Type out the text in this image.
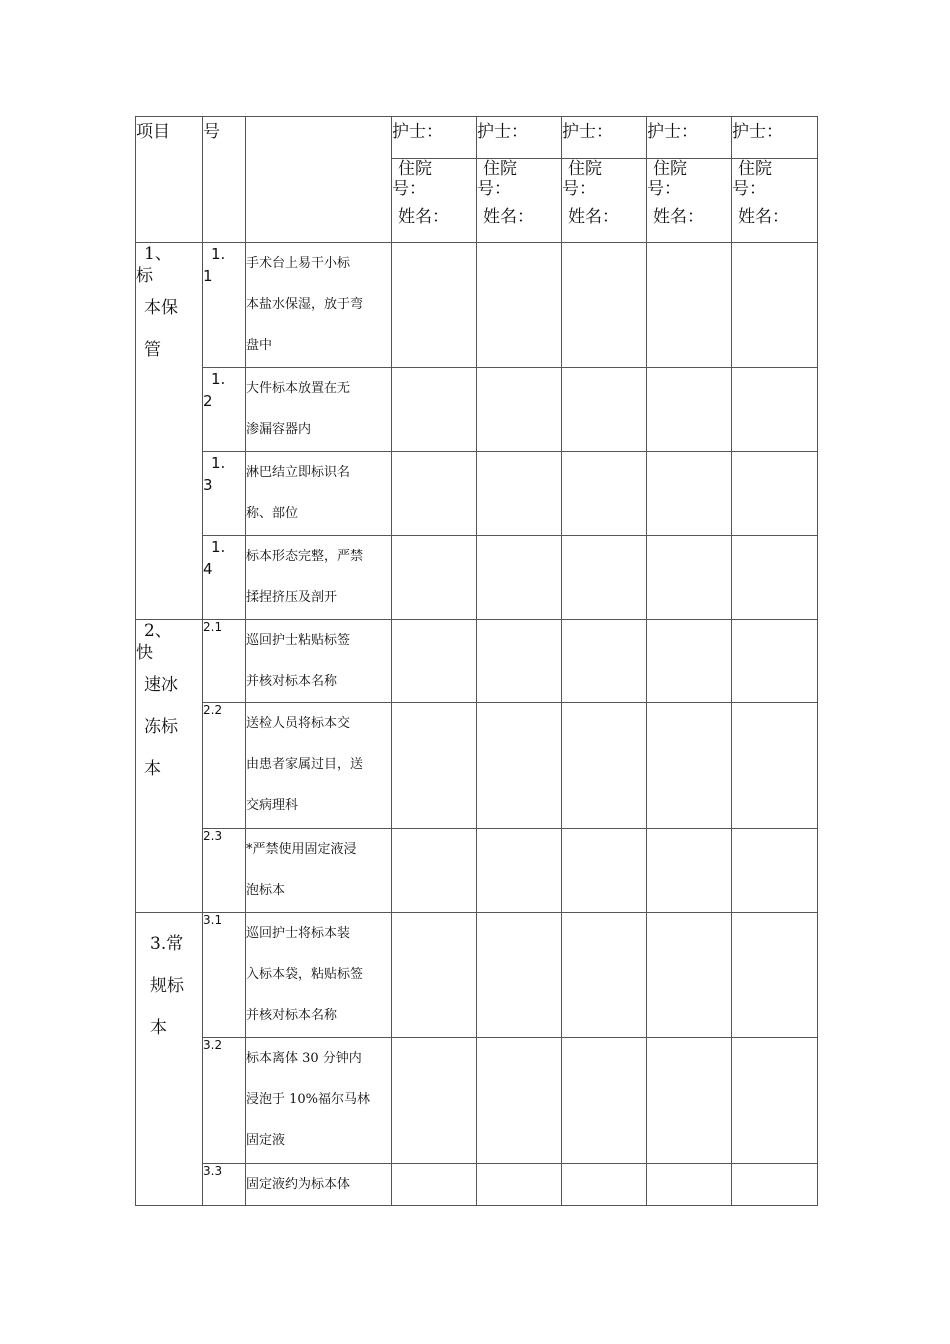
项目	号		护士：	护士：	护士：	护士：	护士：

			住院
号：
姓名：	住院
号：
姓名：	住院
号：
姓名：	住院
号：
姓名：	住院
号：
姓名：

1、
标
本保
管	1.
1	手术台上易干小标
本盐水保湿，放于弯
盘中					

	1.
2	大件标本放置在无
渗漏容器内					

	1.
3	淋巴结立即标识名
称、部位					

	1.
4	标本形态完整，严禁
揉捏挤压及剖开					

2、
快
速冰
冻标
本	2.1	巡回护士粘贴标签
并核对标本名称					

	2.2	送检人员将标本交
由患者家属过目，送
交病理科					

	2.3	*严禁使用固定液浸
泡标本					

3.常
规标
本	3.1	巡回护士将标本装
入标本袋，粘贴标签
并核对标本名称					

	3.2	标本离体 30 分钟内
浸泡于 10%福尔马林
固定液					

	3.3	固定液约为标本体					
